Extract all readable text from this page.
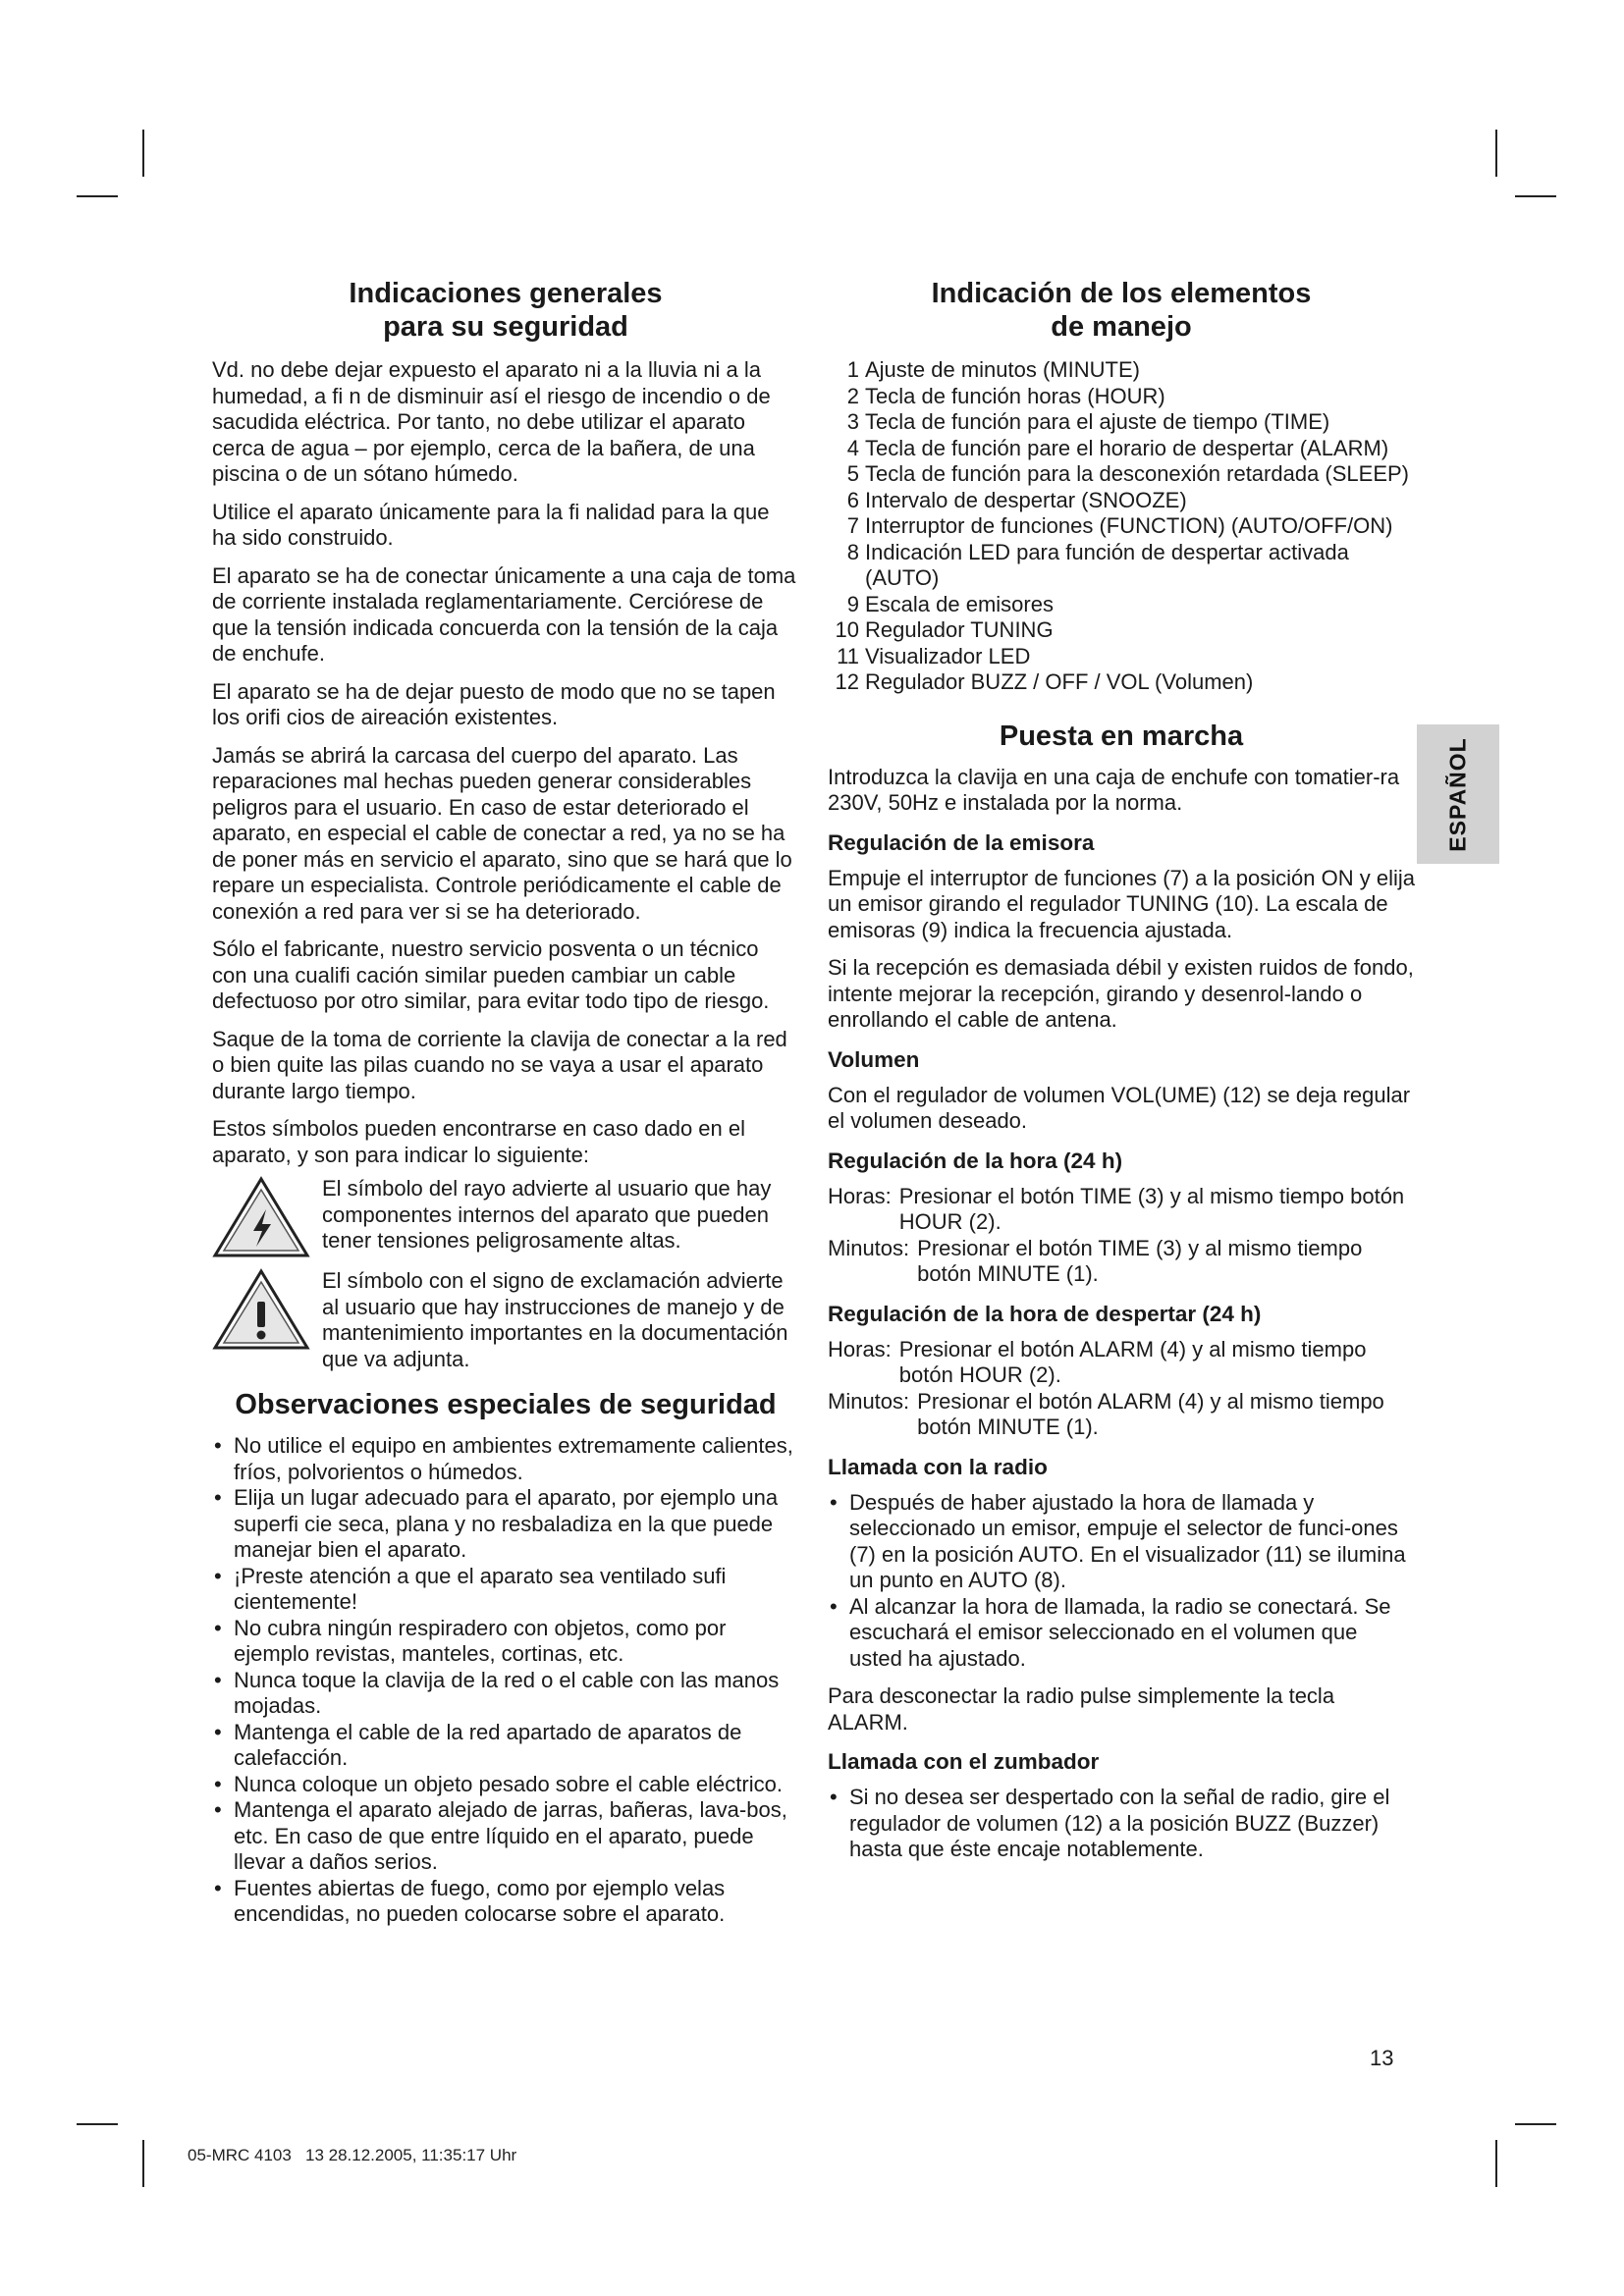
Indicaciones generales
para su seguridad

Vd. no debe dejar expuesto el aparato ni a la lluvia ni a la humedad, a fi n de disminuir así el riesgo de incendio o de sacudida eléctrica. Por tanto, no debe utilizar el aparato cerca de agua – por ejemplo, cerca de la bañera, de una piscina o de un sótano húmedo.

Utilice el aparato únicamente para la fi nalidad para la que ha sido construido.

El aparato se ha de conectar únicamente a una caja de toma de corriente instalada reglamentariamente. Cerciórese de que la tensión indicada concuerda con la tensión de la caja de enchufe.

El aparato se ha de dejar puesto de modo que no se tapen los orifi cios de aireación existentes.

Jamás se abrirá la carcasa del cuerpo del aparato. Las reparaciones mal hechas pueden generar considerables peligros para el usuario. En caso de estar deteriorado el aparato, en especial el cable de conectar a red, ya no se ha de poner más en servicio el aparato, sino que se hará que lo repare un especialista. Controle periódicamente el cable de conexión a red para ver si se ha deteriorado.

Sólo el fabricante, nuestro servicio posventa o un técnico con una cualifi cación similar pueden cambiar un cable defectuoso por otro similar, para evitar todo tipo de riesgo.

Saque de la toma de corriente la clavija de conectar a la red o bien quite las pilas cuando no se vaya a usar el aparato durante largo tiempo.

Estos símbolos pueden encontrarse en caso dado en el aparato, y son para indicar lo siguiente:

El símbolo del rayo advierte al usuario que hay componentes internos del aparato que pueden tener tensiones peligrosamente altas.
El símbolo con el signo de exclamación advierte al usuario que hay instrucciones de manejo y de mantenimiento importantes en la documentación que va adjunta.
Observaciones especiales de seguridad
• No utilice el equipo en ambientes extremamente calientes, fríos, polvorientos o húmedos.
• Elija un lugar adecuado para el aparato, por ejemplo una superfi cie seca, plana y no resbaladiza en la que puede manejar bien el aparato.
• ¡Preste atención a que el aparato sea ventilado sufi cientemente!
• No cubra ningún respiradero con objetos, como por ejemplo revistas, manteles, cortinas, etc.
• Nunca toque la clavija de la red o el cable con las manos mojadas.
• Mantenga el cable de la red apartado de aparatos de calefacción.
• Nunca coloque un objeto pesado sobre el cable eléctrico.
• Mantenga el aparato alejado de jarras, bañeras, lava-bos, etc. En caso de que entre líquido en el aparato, puede llevar a daños serios.
• Fuentes abiertas de fuego, como por ejemplo velas encendidas, no pueden colocarse sobre el aparato.
Indicación de los elementos
de manejo
1 Ajuste de minutos (MINUTE)
2 Tecla de función horas (HOUR)
3 Tecla de función para el ajuste de tiempo (TIME)
4 Tecla de función pare el horario de despertar (ALARM)
5 Tecla de función para la desconexión retardada (SLEEP)
6 Intervalo de despertar (SNOOZE)
7 Interruptor de funciones (FUNCTION) (AUTO/OFF/ON)
8 Indicación LED para función de despertar activada (AUTO)
9 Escala de emisores
10 Regulador TUNING
11 Visualizador LED
12 Regulador BUZZ / OFF / VOL (Volumen)
Puesta en marcha

Introduzca la clavija en una caja de enchufe con tomatier-ra 230V, 50Hz e instalada por la norma.

Regulación de la emisora

Empuje el interruptor de funciones (7) a la posición ON y elija un emisor girando el regulador TUNING (10). La escala de emisoras (9) indica la frecuencia ajustada.

Si la recepción es demasiada débil y existen ruidos de fondo, intente mejorar la recepción, girando y desenrol-lando o enrollando el cable de antena.

Volumen

Con el regulador de volumen VOL(UME) (12) se deja regular el volumen deseado.

Regulación de la hora (24 h)
Horas: Presionar el botón TIME (3) y al mismo tiempo botón HOUR (2).
Minutos: Presionar el botón TIME (3) y al mismo tiempo botón MINUTE (1).
Regulación de la hora de despertar (24 h)
Horas: Presionar el botón ALARM (4) y al mismo tiempo botón HOUR (2).
Minutos: Presionar el botón ALARM (4) y al mismo tiempo botón MINUTE (1).
Llamada con la radio
• Después de haber ajustado la hora de llamada y seleccionado un emisor, empuje el selector de funci-ones (7) en la posición AUTO. En el visualizador (11) se ilumina un punto en AUTO (8).
• Al alcanzar la hora de llamada, la radio se conectará. Se escuchará el emisor seleccionado en el volumen que usted ha ajustado.

Para desconectar la radio pulse simplemente la tecla ALARM.

Llamada con el zumbador
• Si no desea ser despertado con la señal de radio, gire el regulador de volumen (12) a la posición BUZZ (Buzzer) hasta que éste encaje notablemente.
ESPAÑOL
13
05-MRC 4103   13 28.12.2005, 11:35:17 Uhr
